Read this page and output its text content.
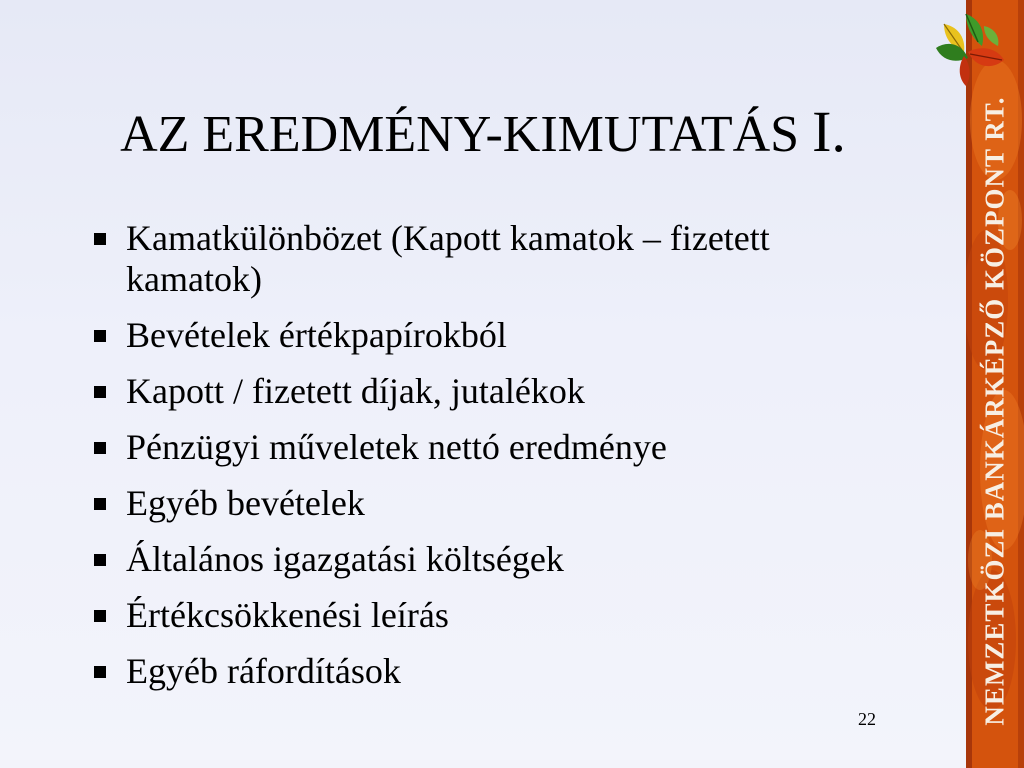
AZ EREDMÉNY-KIMUTATÁS I.
Kamatkülönbözet (Kapott kamatok – fizetett kamatok)
Bevételek értékpapírokból
Kapott / fizetett díjak, jutalékok
Pénzügyi műveletek nettó eredménye
Egyéb bevételek
Általános igazgatási költségek
Értékcsökkenési leírás
Egyéb ráfordítások
22	NEMZETKÖZI BANKÁRKÉPZŐ KÖZPONT RT.
